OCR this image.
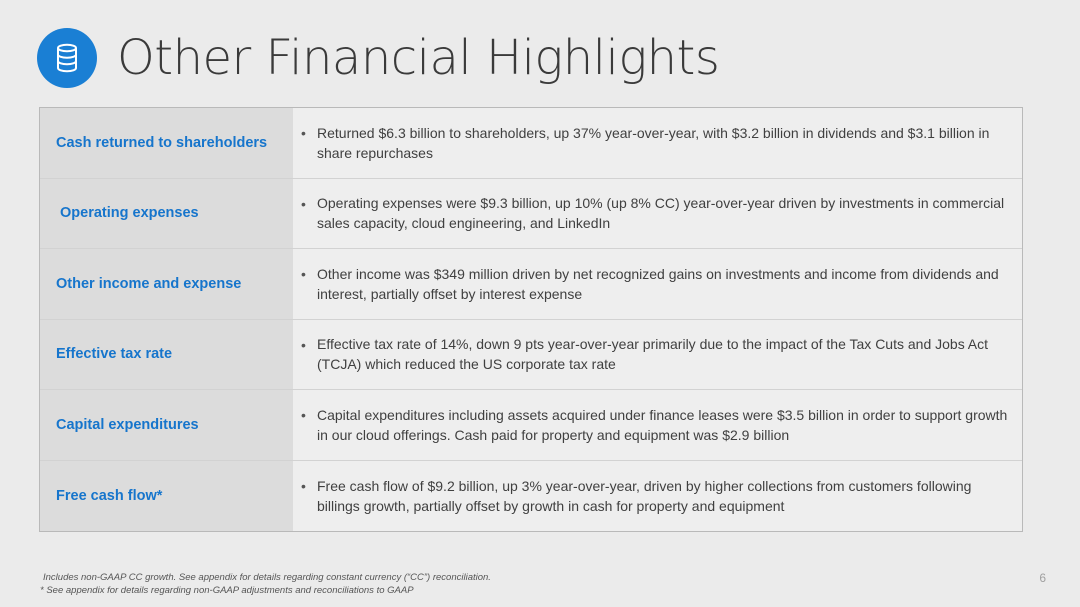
Other Financial Highlights
Cash returned to shareholders
• Returned $6.3 billion to shareholders, up 37% year-over-year, with $3.2 billion in dividends and $3.1 billion in share repurchases
Operating expenses
• Operating expenses were $9.3 billion, up 10% (up 8% CC) year-over-year driven by investments in commercial sales capacity, cloud engineering, and LinkedIn
Other income and expense
• Other income was $349 million driven by net recognized gains on investments and income from dividends and interest, partially offset by interest expense
Effective tax rate
• Effective tax rate of 14%, down 9 pts year-over-year primarily due to the impact of the Tax Cuts and Jobs Act (TCJA) which reduced the US corporate tax rate
Capital expenditures
• Capital expenditures including assets acquired under finance leases were $3.5 billion in order to support growth in our cloud offerings. Cash paid for property and equipment was $2.9 billion
Free cash flow*
• Free cash flow of $9.2 billion, up 3% year-over-year, driven by higher collections from customers following billings growth, partially offset by growth in cash for property and equipment
Includes non-GAAP CC growth. See appendix for details regarding constant currency (“CC”) reconciliation.
* See appendix for details regarding non-GAAP adjustments and reconciliations to GAAP
6
